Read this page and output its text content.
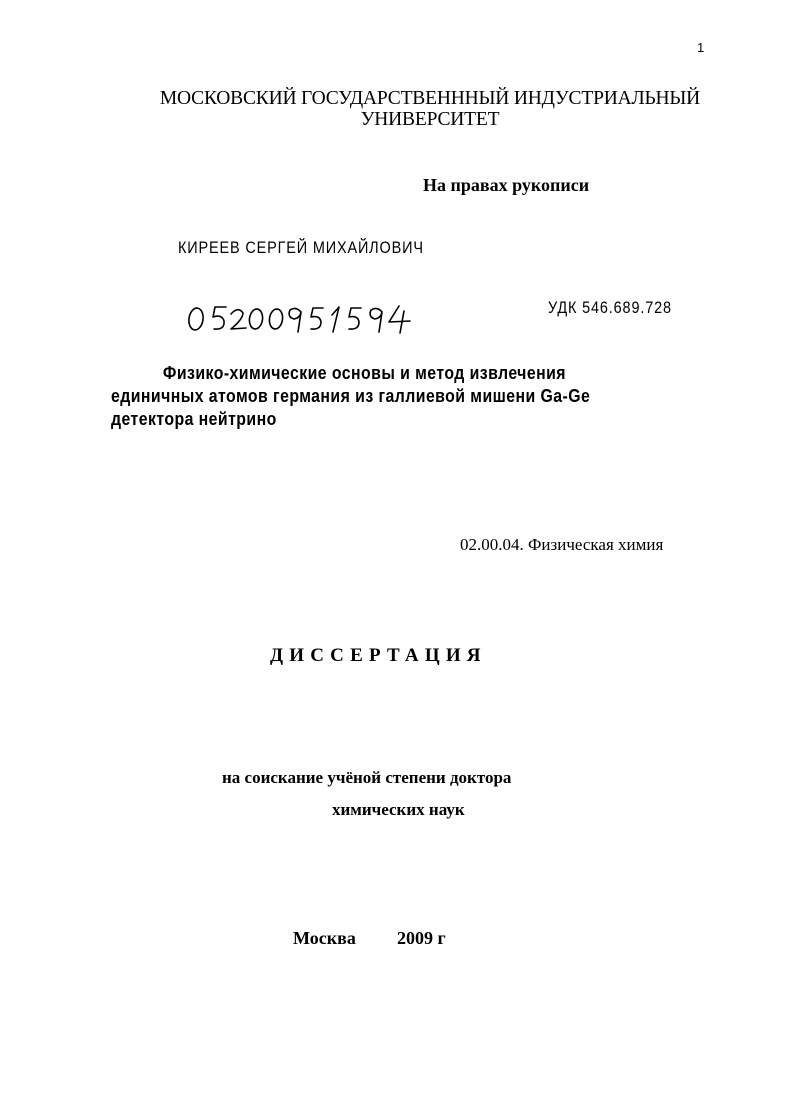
1
МОСКОВСКИЙ ГОСУДАРСТВЕНННЫЙ ИНДУСТРИАЛЬНЫЙ
УНИВЕРСИТЕТ
На правах рукописи
КИРЕЕВ СЕРГЕЙ МИХАЙЛОВИЧ
УДК 546.689.728
Физико-химические основы и метод извлечения
единичных атомов германия из галлиевой мишени Ga-Ge
детектора нейтрино
02.00.04. Физическая химия
ДИССЕРТАЦИЯ
на соискание учёной степени доктора
химических наук
Москва 2009 г
